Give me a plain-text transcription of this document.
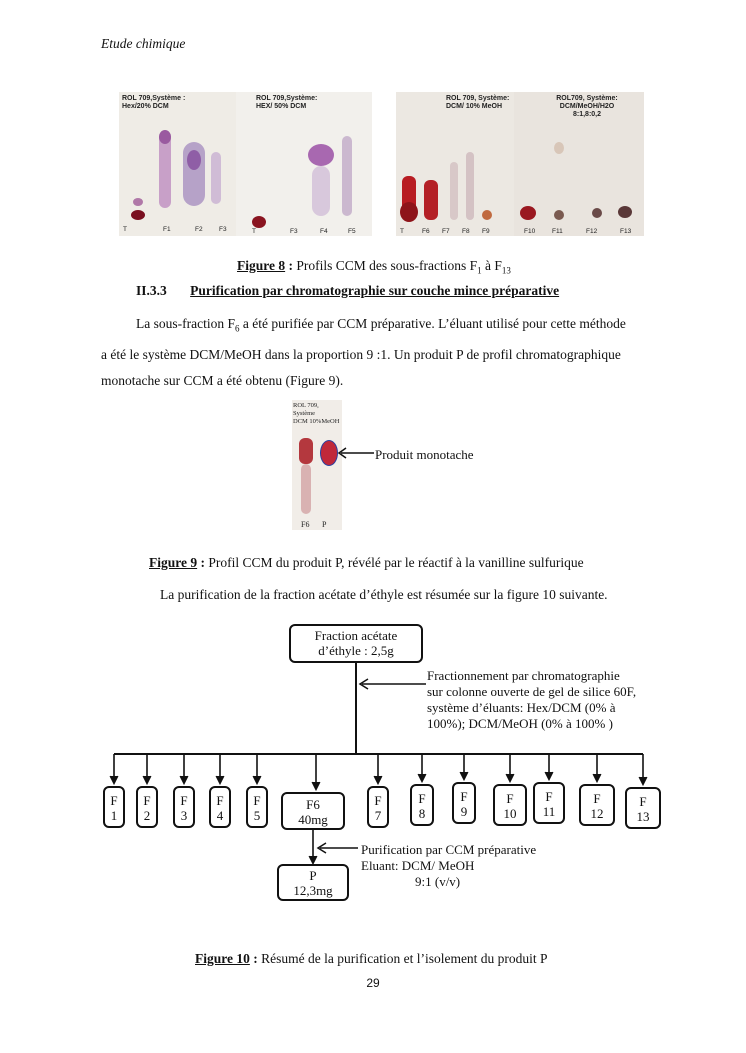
Etude chimique
ROL 709,Système :
Hex/20% DCM
T	F1	F2	F3
ROL 709,Système:
HEX/ 50% DCM
T	F3	F4	F5
ROL 709, Système:
DCM/ 10% MeOH
T	F6 F7 F8 F9
ROL709, Système: DCM/MeOH/H2O
8:1,8:0,2
F10	F11	F12	F13
Figure 8 : Profils CCM des sous-fractions $F_1$ à $F_{13}$
II.3.3 Purification par chromatographie sur couche mince préparative
La sous-fraction $F_6$ a été purifiée par CCM préparative. L’éluant utilisé pour cette méthode
a été le système DCM/MeOH dans la proportion 9 :1. Un produit P de profil chromatographique
monotache sur CCM a été obtenu (Figure 9).
ROL 709,
Système
DCM 10%MeOH
F6 P
Produit monotache
Figure 9 : Profil CCM du produit P, révélé par le réactif à la vanilline sulfurique
La purification de la fraction acétate d’éthyle est résumée sur la figure 10 suivante.
Fraction acétate
d’éthyle : 2,5g
Fractionnement par chromatographie
sur colonne ouverte de gel de silice 60F,
système d’éluants: Hex/DCM (0% à
100%); DCM/MeOH (0% à 100% )
F
1
F
2
F
3
F
4
F
5
F6
40mg
F
7
F
8
F
9
F
10
F
11
F
12
F
13
Purification par CCM préparative
Eluant: DCM/ MeOH
9:1 (v/v)
P
12,3mg
Figure 10 : Résumé de la purification et l’isolement du produit P
29
